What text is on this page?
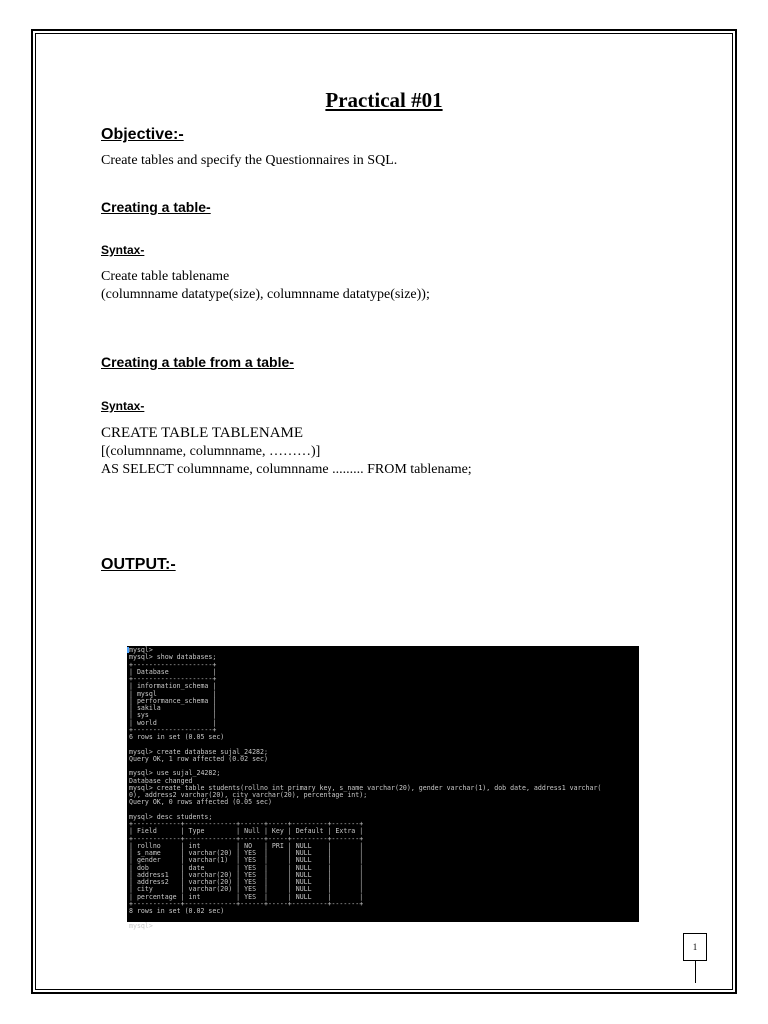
Practical #01
Objective:-

Create tables and specify the Questionnaires in SQL.

Creating a table-
Syntax-

Create table tablename

(columnname datatype(size), columnname datatype(size));

Creating a table from a table-
Syntax-

CREATE TABLE TABLENAME

[(columnname, columnname, ………)]

AS SELECT columnname, columnname ......... FROM tablename;

OUTPUT:-
mysql>
mysql> show databases;
+--------------------+
| Database           |
+--------------------+
| information_schema |
| mysql              |
| performance_schema |
| sakila             |
| sys                |
| world              |
+--------------------+
6 rows in set (0.05 sec)

mysql> create database sujal_24282;
Query OK, 1 row affected (0.02 sec)

mysql> use sujal_24282;
Database changed
mysql> create table students(rollno int primary key, s_name varchar(20), gender varchar(1), dob date, address1 varchar(
0), address2 varchar(20), city varchar(20), percentage int);
Query OK, 0 rows affected (0.05 sec)

mysql> desc students;
+------------+-------------+------+-----+---------+-------+
| Field      | Type        | Null | Key | Default | Extra |
+------------+-------------+------+-----+---------+-------+
| rollno     | int         | NO   | PRI | NULL    |       |
| s_name     | varchar(20) | YES  |     | NULL    |       |
| gender     | varchar(1)  | YES  |     | NULL    |       |
| dob        | date        | YES  |     | NULL    |       |
| address1   | varchar(20) | YES  |     | NULL    |       |
| address2   | varchar(20) | YES  |     | NULL    |       |
| city       | varchar(20) | YES  |     | NULL    |       |
| percentage | int         | YES  |     | NULL    |       |
+------------+-------------+------+-----+---------+-------+
8 rows in set (0.02 sec)

mysql>
1
